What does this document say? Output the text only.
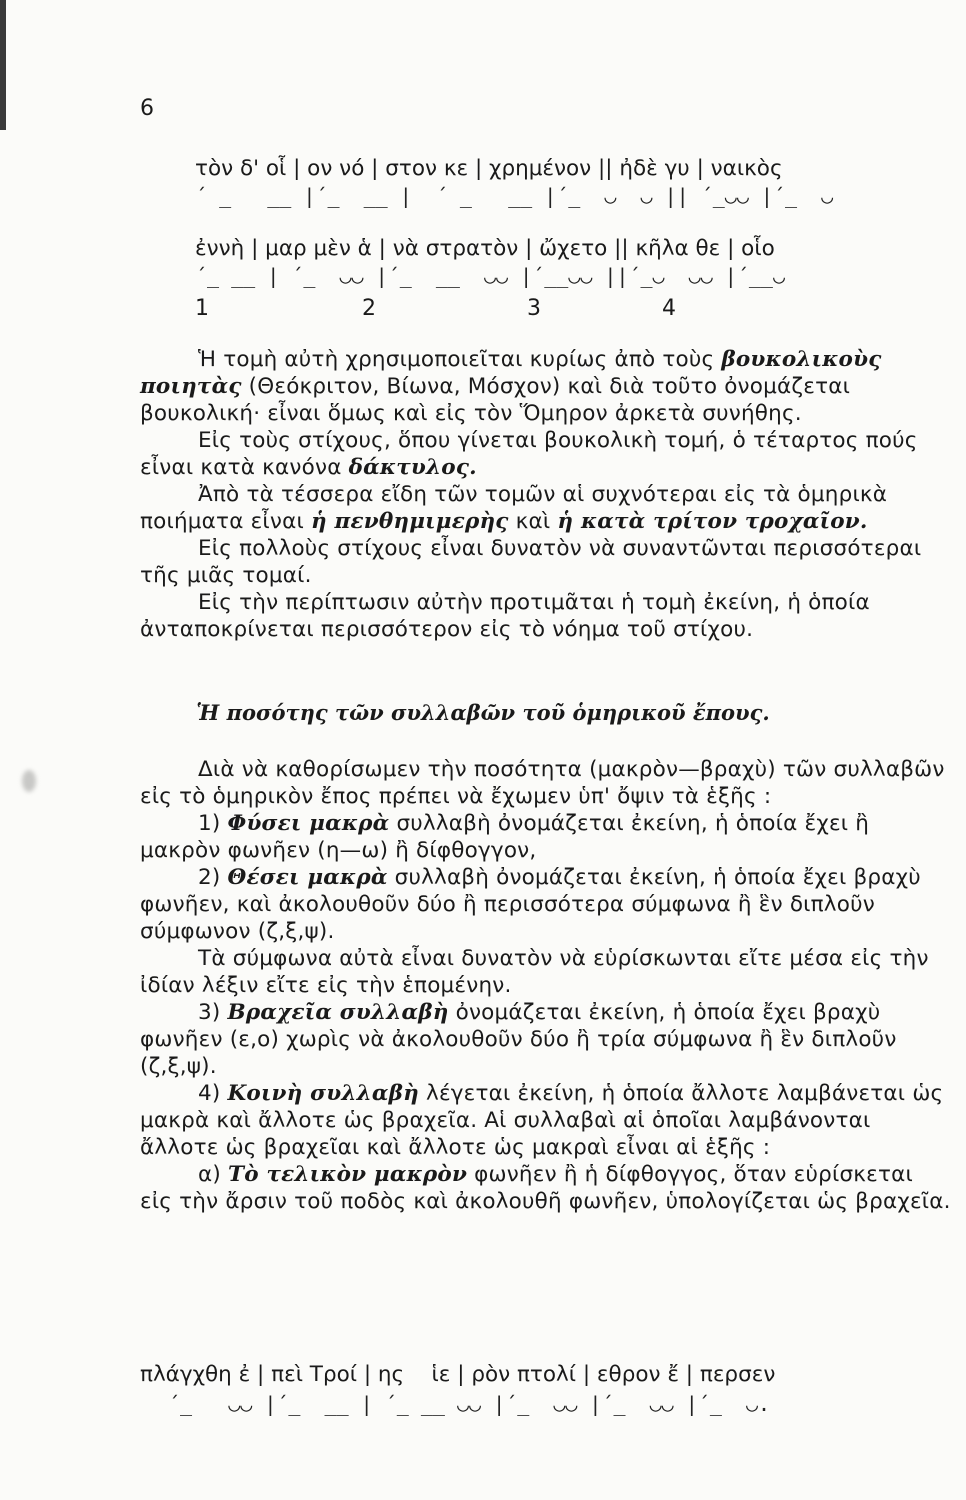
6
τὸν δ' οἷ | ον νό | στον κε | χρημένον || ἠδὲ γυ | ναικὸς
´ _   __ |´_  __ |  ´ _   __ |´_  ◡  ◡ || ´_◡◡ |´_  ◡
ἐννὴ | μαρ μὲν ἁ | νὰ στρατὸν | ὤχετο || κῆλα θε | οἷο
´_ __ | ´_  ◡◡ |´_  __  ◡◡ |´__◡◡ ||´_◡  ◡◡ |´__◡
1	2	3	4
Ἡ τομὴ αὐτὴ χρησιμοποιεῖται κυρίως ἀπὸ τοὺς βουκολικοὺς ποιητὰς (Θεόκριτον, Βίωνα, Μόσχον) καὶ διὰ τοῦτο ὀνομάζεται βουκολική· εἶναι ὅμως καὶ εἰς τὸν Ὅμηρον ἀρκετὰ συνήθης.
Εἰς τοὺς στίχους, ὅπου γίνεται βουκολικὴ τομή, ὁ τέταρτος πούς εἶναι κατὰ κανόνα δάκτυλος.
Ἀπὸ τὰ τέσσερα εἴδη τῶν τομῶν αἱ συχνότεραι εἰς τὰ ὁμηρικὰ ποιήματα εἶναι ἡ πενθημιμερὴς καὶ ἡ κατὰ τρίτον τροχαῖον.
Εἰς πολλοὺς στίχους εἶναι δυνατὸν νὰ συναντῶνται περισσότεραι τῆς μιᾶς τομαί.
Εἰς τὴν περίπτωσιν αὐτὴν προτιμᾶται ἡ τομὴ ἐκείνη, ἡ ὁποία ἀνταποκρίνεται περισσότερον εἰς τὸ νόημα τοῦ στίχου.
Ἡ ποσότης τῶν συλλαβῶν τοῦ ὁμηρικοῦ ἔπους.
Διὰ νὰ καθορίσωμεν τὴν ποσότητα (μακρὸν—βραχὺ) τῶν συλλαβῶν εἰς τὸ ὁμηρικὸν ἔπος πρέπει νὰ ἔχωμεν ὑπ' ὄψιν τὰ ἑξῆς :
1) Φύσει μακρὰ συλλαβὴ ὀνομάζεται ἐκείνη, ἡ ὁποία ἔχει ἢ μακρὸν φωνῆεν (η—ω) ἢ δίφθογγον,
2) Θέσει μακρὰ συλλαβὴ ὀνομάζεται ἐκείνη, ἡ ὁποία ἔχει βραχὺ φωνῆεν, καὶ ἀκολουθοῦν δύο ἢ περισσότερα σύμφωνα ἢ ἓν διπλοῦν σύμφωνον (ζ,ξ,ψ).
Τὰ σύμφωνα αὐτὰ εἶναι δυνατὸν νὰ εὑρίσκωνται εἴτε μέσα εἰς τὴν ἰδίαν λέξιν εἴτε εἰς τὴν ἑπομένην.
3) Βραχεῖα συλλαβὴ ὀνομάζεται ἐκείνη, ἡ ὁποία ἔχει βραχὺ φωνῆεν (ε,ο) χωρὶς νὰ ἀκολουθοῦν δύο ἢ τρία σύμφωνα ἢ ἓν διπλοῦν (ζ,ξ,ψ).
4) Κοινὴ συλλαβὴ λέγεται ἐκείνη, ἡ ὁποία ἄλλοτε λαμβάνεται ὡς μακρὰ καὶ ἄλλοτε ὡς βραχεῖα. Αἱ συλλαβαὶ αἱ ὁποῖαι λαμβάνονται ἄλλοτε ὡς βραχεῖαι καὶ ἄλλοτε ὡς μακραὶ εἶναι αἱ ἑξῆς :
α) Τὸ τελικὸν μακρὸν φωνῆεν ἢ ἡ δίφθογγος, ὅταν εὑρίσκεται εἰς τὴν ἄρσιν τοῦ ποδὸς καὶ ἀκολουθῆ φωνῆεν, ὑπολογίζεται ὡς βραχεῖα.
πλάγχθη ἐ | πεὶ Τροί | ης    ἱε | ρὸν πτολί | εθρον ἔ | περσεν
´_   ◡◡ |´_  __ | ´_ __ ◡◡ |´_  ◡◡ |´_  ◡◡ |´_  ◡.
